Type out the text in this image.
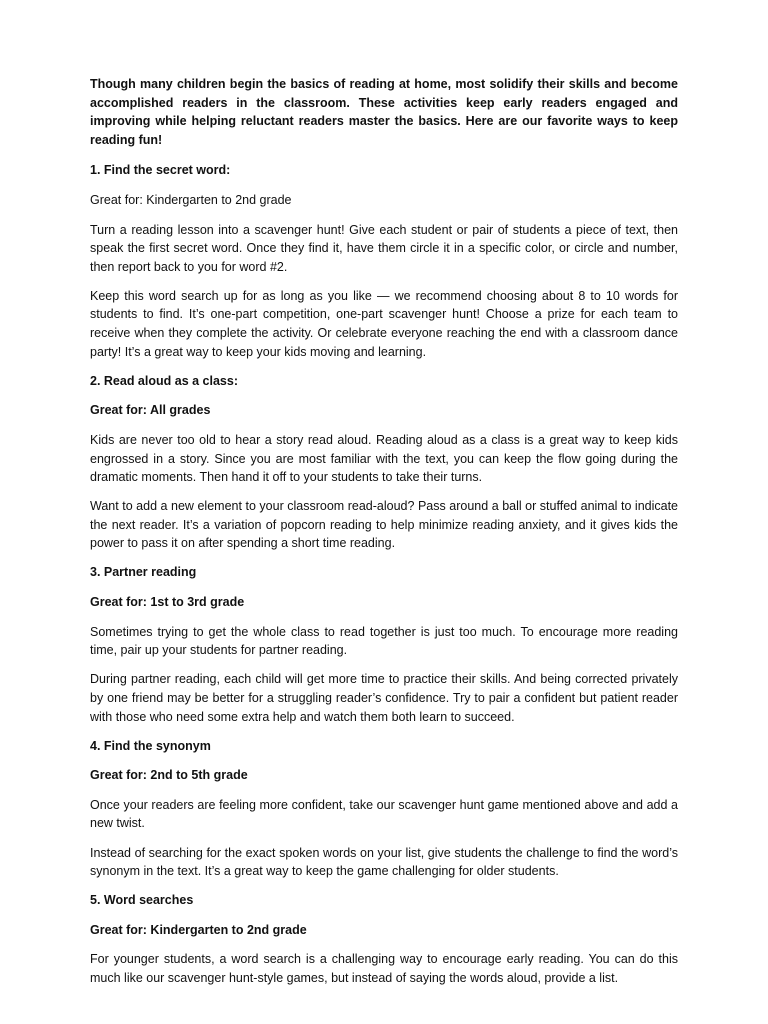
Though many children begin the basics of reading at home, most solidify their skills and become accomplished readers in the classroom. These activities keep early readers engaged and improving while helping reluctant readers master the basics. Here are our favorite ways to keep reading fun!

1. Find the secret word:

Great for: Kindergarten to 2nd grade

Turn a reading lesson into a scavenger hunt! Give each student or pair of students a piece of text, then speak the first secret word. Once they find it, have them circle it in a specific color, or circle and number, then report back to you for word #2.

Keep this word search up for as long as you like — we recommend choosing about 8 to 10 words for students to find. It’s one-part competition, one-part scavenger hunt! Choose a prize for each team to receive when they complete the activity. Or celebrate everyone reaching the end with a classroom dance party! It’s a great way to keep your kids moving and learning.

2. Read aloud as a class:

Great for: All grades

Kids are never too old to hear a story read aloud. Reading aloud as a class is a great way to keep kids engrossed in a story. Since you are most familiar with the text, you can keep the flow going during the dramatic moments. Then hand it off to your students to take their turns.

Want to add a new element to your classroom read-aloud? Pass around a ball or stuffed animal to indicate the next reader. It’s a variation of popcorn reading to help minimize reading anxiety, and it gives kids the power to pass it on after spending a short time reading.

3. Partner reading

Great for: 1st to 3rd grade

Sometimes trying to get the whole class to read together is just too much. To encourage more reading time, pair up your students for partner reading.

During partner reading, each child will get more time to practice their skills. And being corrected privately by one friend may be better for a struggling reader’s confidence. Try to pair a confident but patient reader with those who need some extra help and watch them both learn to succeed.

4. Find the synonym

Great for: 2nd to 5th grade

Once your readers are feeling more confident, take our scavenger hunt game mentioned above and add a new twist.

Instead of searching for the exact spoken words on your list, give students the challenge to find the word’s synonym in the text. It’s a great way to keep the game challenging for older students.

5. Word searches

Great for: Kindergarten to 2nd grade

For younger students, a word search is a challenging way to encourage early reading. You can do this much like our scavenger hunt-style games, but instead of saying the words aloud, provide a list.
